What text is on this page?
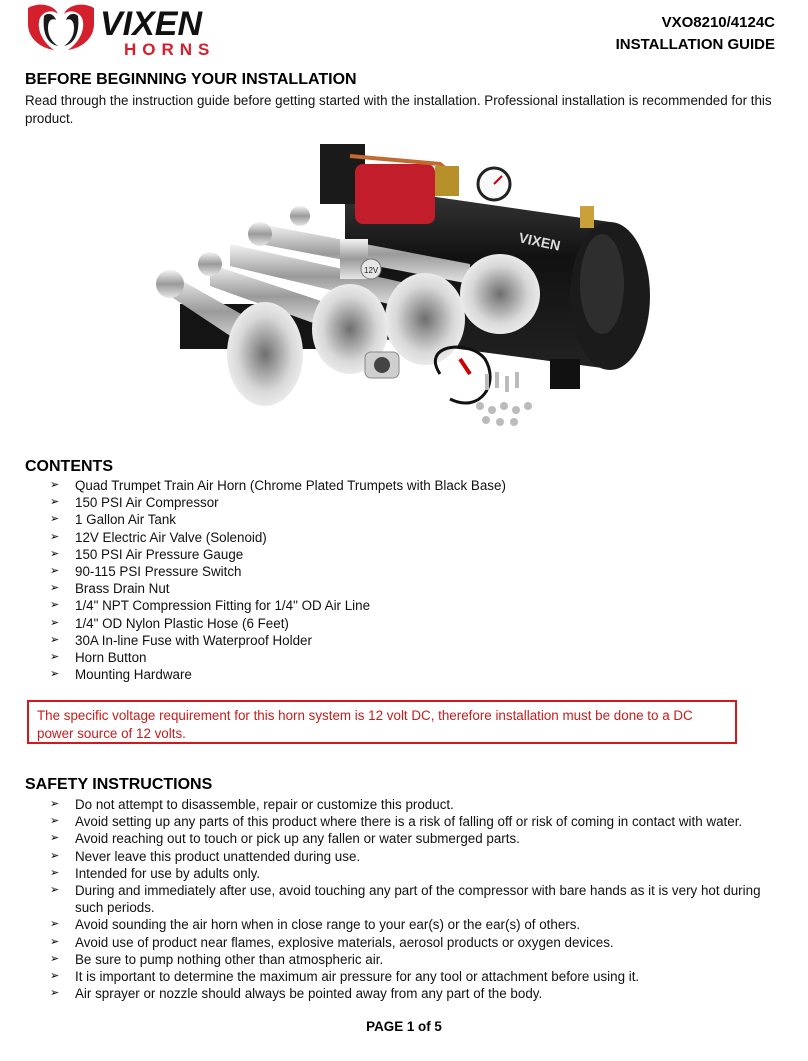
VIXEN
HORNS
VXO8210/4124C
INSTALLATION GUIDE
BEFORE BEGINNING YOUR INSTALLATION
Read through the instruction guide before getting started with the installation. Professional installation is recommended for this product.
VIXEN
12V
CONTENTS
➢ Quad Trumpet Train Air Horn (Chrome Plated Trumpets with Black Base)
➢ 150 PSI Air Compressor
➢ 1 Gallon Air Tank
➢ 12V Electric Air Valve (Solenoid)
➢ 150 PSI Air Pressure Gauge
➢ 90-115 PSI Pressure Switch
➢ Brass Drain Nut
➢ 1/4" NPT Compression Fitting for 1/4" OD Air Line
➢ 1/4" OD Nylon Plastic Hose (6 Feet)
➢ 30A In-line Fuse with Waterproof Holder
➢ Horn Button
➢ Mounting Hardware
The specific voltage requirement for this horn system is 12 volt DC, therefore installation must be done to a DC power source of 12 volts.
SAFETY INSTRUCTIONS
➢ Do not attempt to disassemble, repair or customize this product.
➢ Avoid setting up any parts of this product where there is a risk of falling off or risk of coming in contact with water.
➢ Avoid reaching out to touch or pick up any fallen or water submerged parts.
➢ Never leave this product unattended during use.
➢ Intended for use by adults only.
➢ During and immediately after use, avoid touching any part of the compressor with bare hands as it is very hot during such periods.
➢ Avoid sounding the air horn when in close range to your ear(s) or the ear(s) of others.
➢ Avoid use of product near flames, explosive materials, aerosol products or oxygen devices.
➢ Be sure to pump nothing other than atmospheric air.
➢ It is important to determine the maximum air pressure for any tool or attachment before using it.
➢ Air sprayer or nozzle should always be pointed away from any part of the body.
PAGE 1 of 5
